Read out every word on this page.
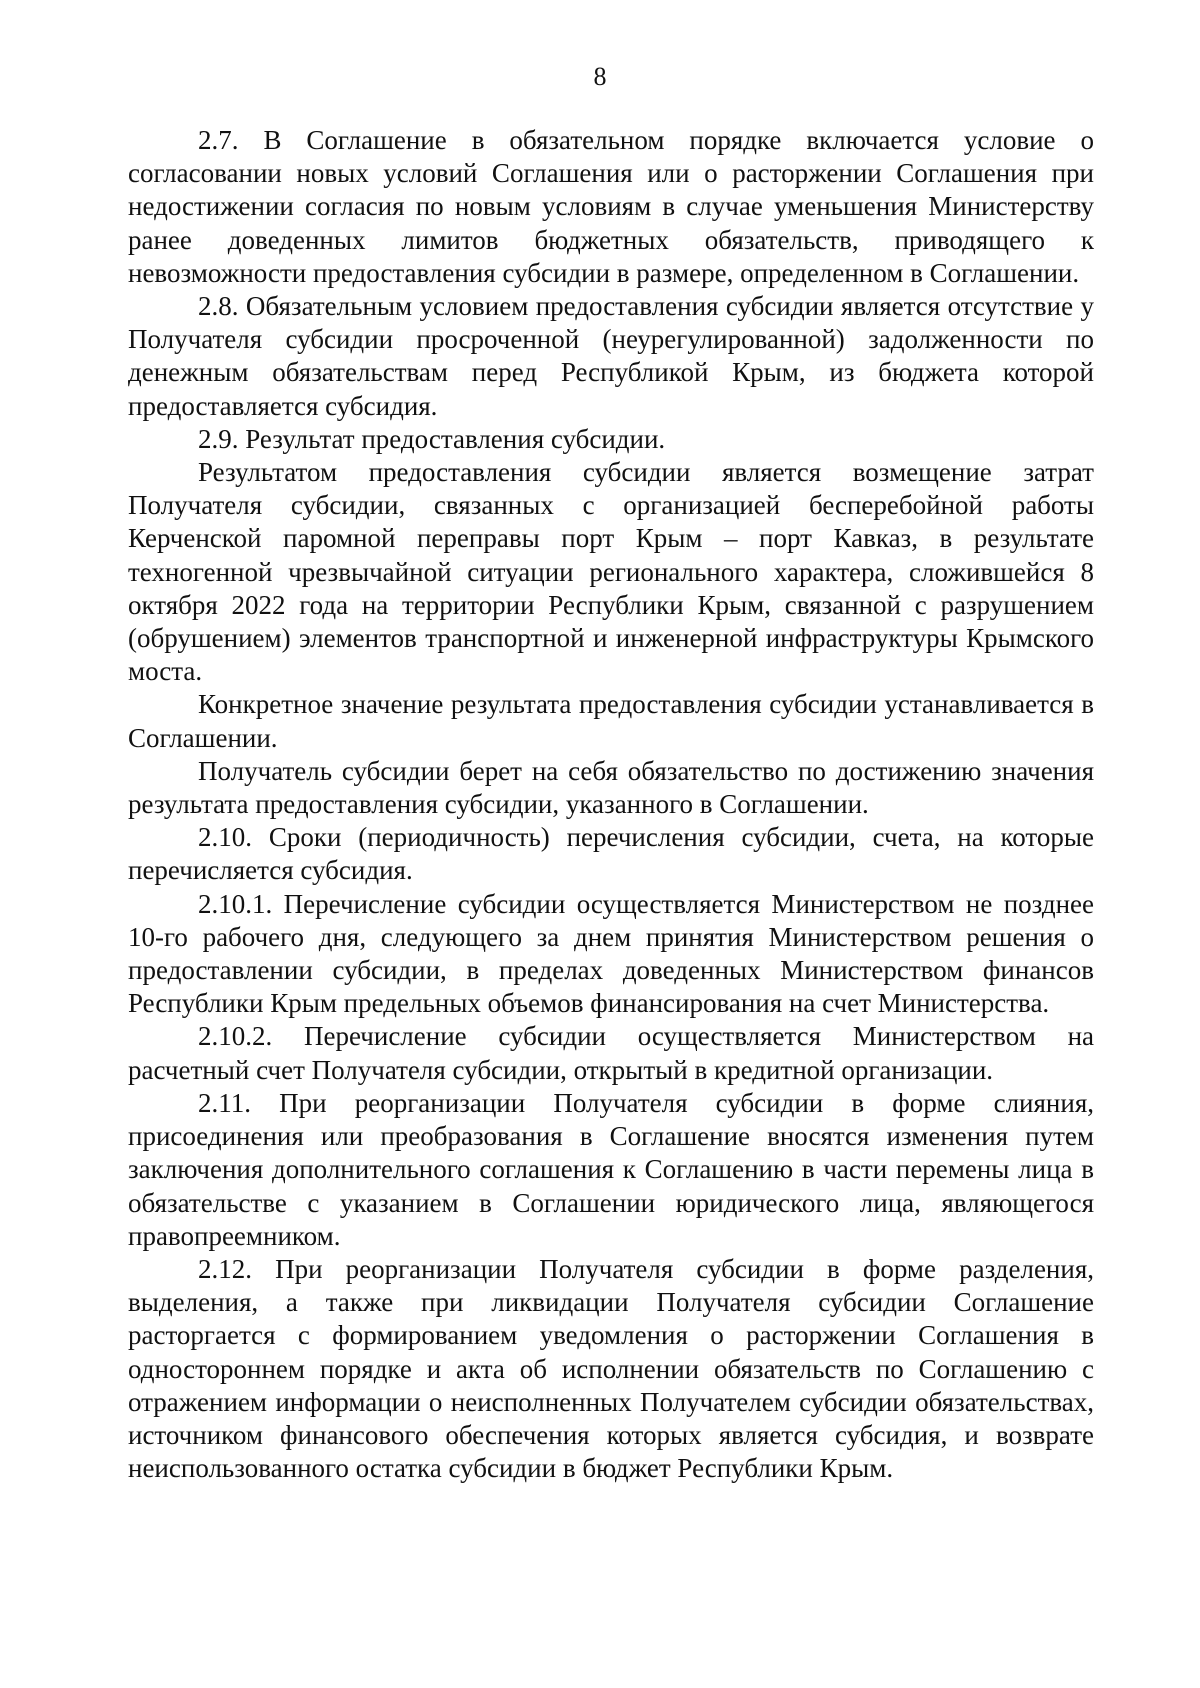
8

2.7. В Соглашение в обязательном порядке включается условие о согласовании новых условий Соглашения или о расторжении Соглашения при недостижении согласия по новым условиям в случае уменьшения Министерству ранее доведенных лимитов бюджетных обязательств, приводящего к невозможности предоставления субсидии в размере, определенном в Соглашении.

2.8. Обязательным условием предоставления субсидии является отсутствие у Получателя субсидии просроченной (неурегулированной) задолженности по денежным обязательствам перед Республикой Крым, из бюджета которой предоставляется субсидия.

2.9. Результат предоставления субсидии.

Результатом предоставления субсидии является возмещение затрат Получателя субсидии, связанных с организацией бесперебойной работы Керченской паромной переправы порт Крым – порт Кавказ, в результате техногенной чрезвычайной ситуации регионального характера, сложившейся 8 октября 2022 года на территории Республики Крым, связанной с разрушением (обрушением) элементов транспортной и инженерной инфраструктуры Крымского моста.

Конкретное значение результата предоставления субсидии устанавливается в Соглашении.

Получатель субсидии берет на себя обязательство по достижению значения результата предоставления субсидии, указанного в Соглашении.

2.10. Сроки (периодичность) перечисления субсидии, счета, на которые перечисляется субсидия.

2.10.1. Перечисление субсидии осуществляется Министерством не позднее 10-го рабочего дня, следующего за днем принятия Министерством решения о предоставлении субсидии, в пределах доведенных Министерством финансов Республики Крым предельных объемов финансирования на счет Министерства.

2.10.2. Перечисление субсидии осуществляется Министерством на расчетный счет Получателя субсидии, открытый в кредитной организации.

2.11. При реорганизации Получателя субсидии в форме слияния, присоединения или преобразования в Соглашение вносятся изменения путем заключения дополнительного соглашения к Соглашению в части перемены лица в обязательстве с указанием в Соглашении юридического лица, являющегося правопреемником.

2.12. При реорганизации Получателя субсидии в форме разделения, выделения, а также при ликвидации Получателя субсидии Соглашение расторгается с формированием уведомления о расторжении Соглашения в одностороннем порядке и акта об исполнении обязательств по Соглашению с отражением информации о неисполненных Получателем субсидии обязательствах, источником финансового обеспечения которых является субсидия, и возврате неиспользованного остатка субсидии в бюджет Республики Крым.
